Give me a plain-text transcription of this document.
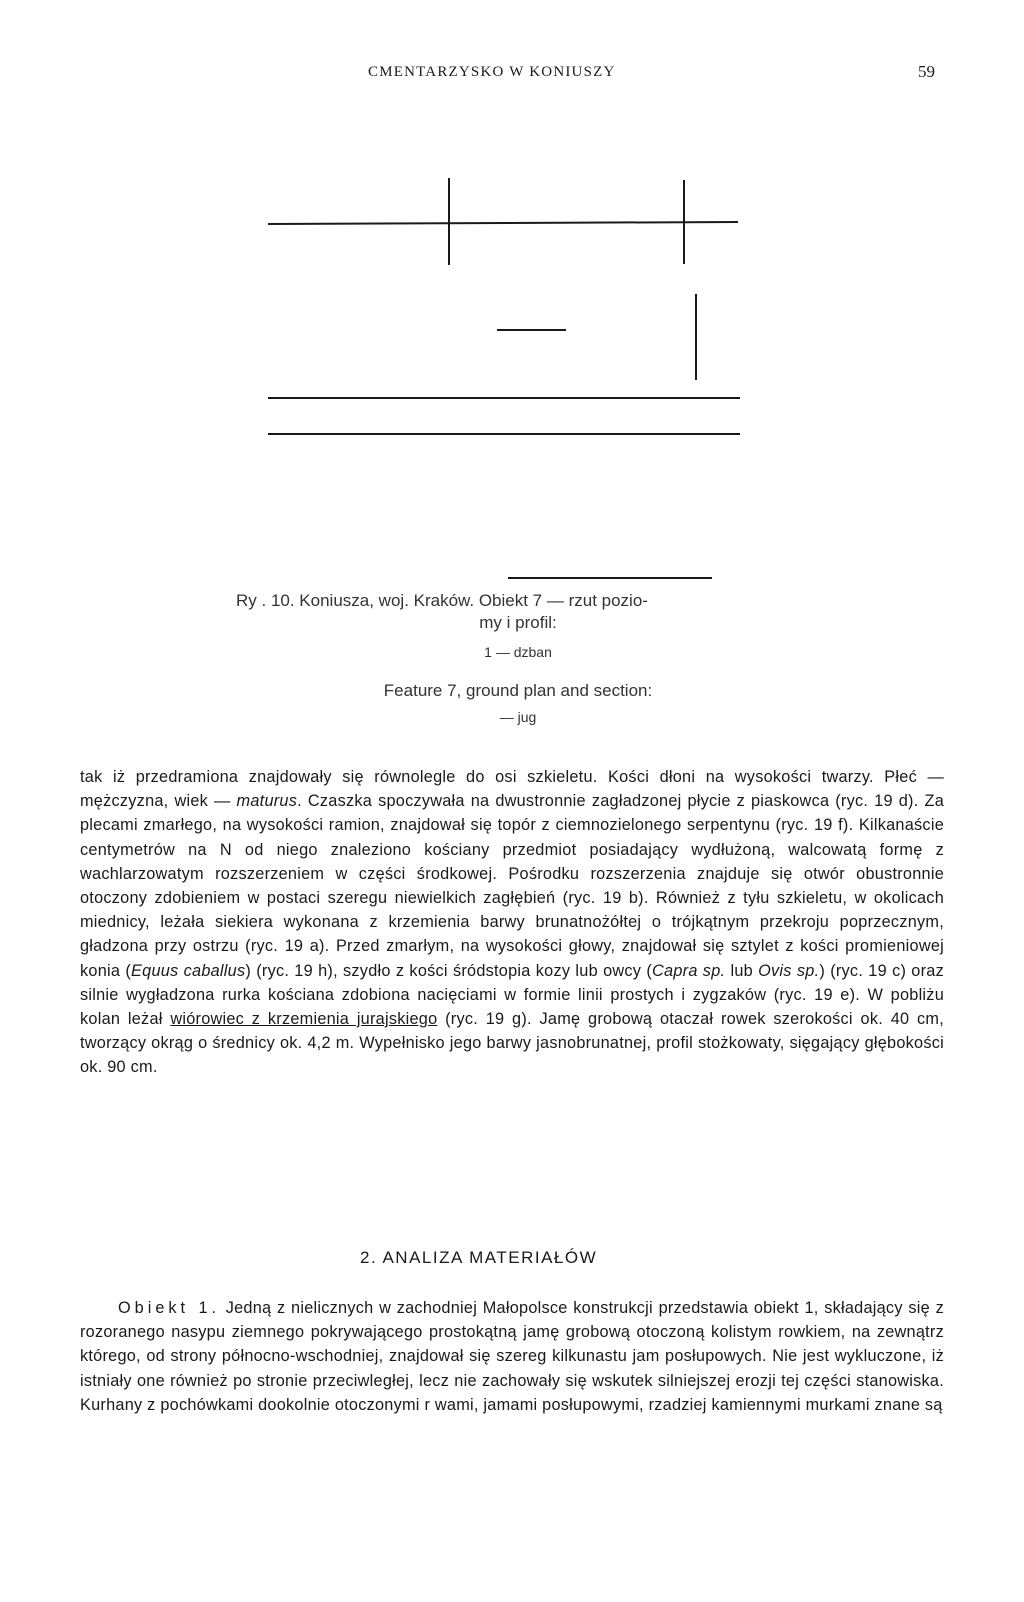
CMENTARZYSKO W KONIUSZY	59
Ry . 10. Koniusza, woj. Kraków. Obiekt 7 — rzut pozio-
my i profil:
1 — dzban
Feature 7, ground plan and section:
— jug

tak iż przedramiona znajdowały się równolegle do osi szkieletu. Kości dłoni na wysokości twarzy. Płeć — mężczyzna, wiek — maturus. Czaszka spoczywała na dwustronnie zagładzonej płycie z piaskowca (ryc. 19 d). Za plecami zmarłego, na wysokości ramion, znajdował się topór z ciemnozielonego serpentynu (ryc. 19 f). Kilkanaście centymetrów na N od niego znaleziono kościany przedmiot posiadający wydłużoną, walcowatą formę z wachlarzowatym rozszerzeniem w części środkowej. Pośrodku rozszerzenia znajduje się otwór obustronnie otoczony zdobieniem w postaci szeregu niewielkich zagłębień (ryc. 19 b). Również z tyłu szkieletu, w okolicach miednicy, leżała siekiera wykonana z krzemienia barwy brunatnożółtej o trójkątnym przekroju poprzecznym, gładzona przy ostrzu (ryc. 19 a). Przed zmarłym, na wysokości głowy, znajdował się sztylet z kości promieniowej konia (Equus caballus) (ryc. 19 h), szydło z kości śródstopia kozy lub owcy (Capra sp. lub Ovis sp.) (ryc. 19 c) oraz silnie wygładzona rurka kościana zdobiona nacięciami w formie linii prostych i zygzaków (ryc. 19 e). W pobliżu kolan leżał wiórowiec z krzemienia jurajskiego (ryc. 19 g). Jamę grobową otaczał rowek szerokości ok. 40 cm, tworzący okrąg o średnicy ok. 4,2 m. Wypełnisko jego barwy jasnobrunatnej, profil stożkowaty, sięgający głębokości ok. 90 cm.

2. ANALIZA MATERIAŁÓW

Obiekt 1. Jedną z nielicznych w zachodniej Małopolsce konstrukcji przedstawia obiekt 1, składający się z rozoranego nasypu ziemnego pokrywającego prostokątną jamę grobową otoczoną kolistym rowkiem, na zewnątrz którego, od strony północno-wschodniej, znajdował się szereg kilkunastu jam posłupowych. Nie jest wykluczone, iż istniały one również po stronie przeciwległej, lecz nie zachowały się wskutek silniejszej erozji tej części stanowiska. Kurhany z pochówkami dookolnie otoczonymi r wami, jamami posłupowymi, rzadziej kamiennymi murkami znane są
